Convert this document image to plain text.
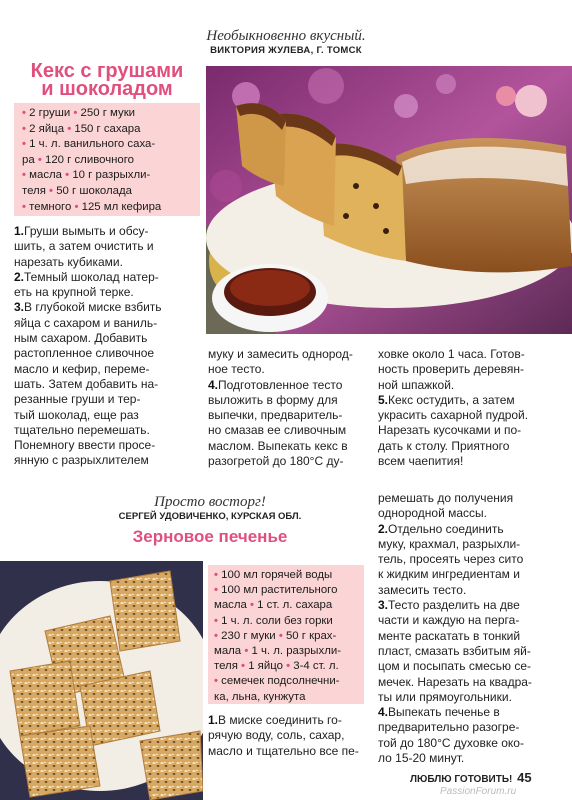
Необыкновенно вкусный.
ВИКТОРИЯ ЖУЛЕВА, Г. ТОМСК
Кекс с грушами
и шоколадом
• 2 груши • 250 г муки
• 2 яйца • 150 г сахара
• 1 ч. л. ванильного саха-
ра • 120 г сливочного
• масла • 10 г разрыхли-
теля • 50 г шоколада
• темного • 125 мл кефира
1.Груши вымыть и обсу-
шить, а затем очистить и
нарезать кубиками.
2.Темный шоколад натер-
еть на крупной терке.
3.В глубокой миске взбить
яйца с сахаром и ваниль-
ным сахаром. Добавить
растопленное сливочное
масло и кефир, переме-
шать. Затем добавить на-
резанные груши и тер-
тый шоколад, еще раз
тщательно перемешать.
Понемногу ввести просе-
янную с разрыхлителем
муку и замесить однород-
ное тесто.
4.Подготовленное тесто
выложить в форму для
выпечки, предваритель-
но смазав ее сливочным
маслом. Выпекать кекс в
разогретой до 180°С ду-
ховке около 1 часа. Готов-
ность проверить деревян-
ной шпажкой.
5.Кекс остудить, а затем
украсить сахарной пудрой.
Нарезать кусочками и по-
дать к столу. Приятного
всем чаепития!
Просто восторг!
СЕРГЕЙ УДОВИЧЕНКО, КУРСКАЯ ОБЛ.
Зерновое печенье
• 100 мл горячей воды
• 100 мл растительного
масла • 1 ст. л. сахара
• 1 ч. л. соли без горки
• 230 г муки • 50 г крах-
мала • 1 ч. л. разрыхли-
теля • 1 яйцо • 3-4 ст. л.
• семечек подсолнечни-
ка, льна, кунжута
1.В миске соединить го-
рячую воду, соль, сахар,
масло и тщательно все пе-
ремешать до получения
однородной массы.
2.Отдельно соединить
муку, крахмал, разрыхли-
тель, просеять через сито
к жидким ингредиентам и
замесить тесто.
3.Тесто разделить на две
части и каждую на перга-
менте раскатать в тонкий
пласт, смазать взбитым яй-
цом и посыпать смесью се-
мечек. Нарезать на квадра-
ты или прямоугольники.
4.Выпекать печенье в
предварительно разогре-
той до 180°С духовке око-
ло 15-20 минут.
ЛЮБЛЮ ГОТОВИТЬ! 45
PassionForum.ru
